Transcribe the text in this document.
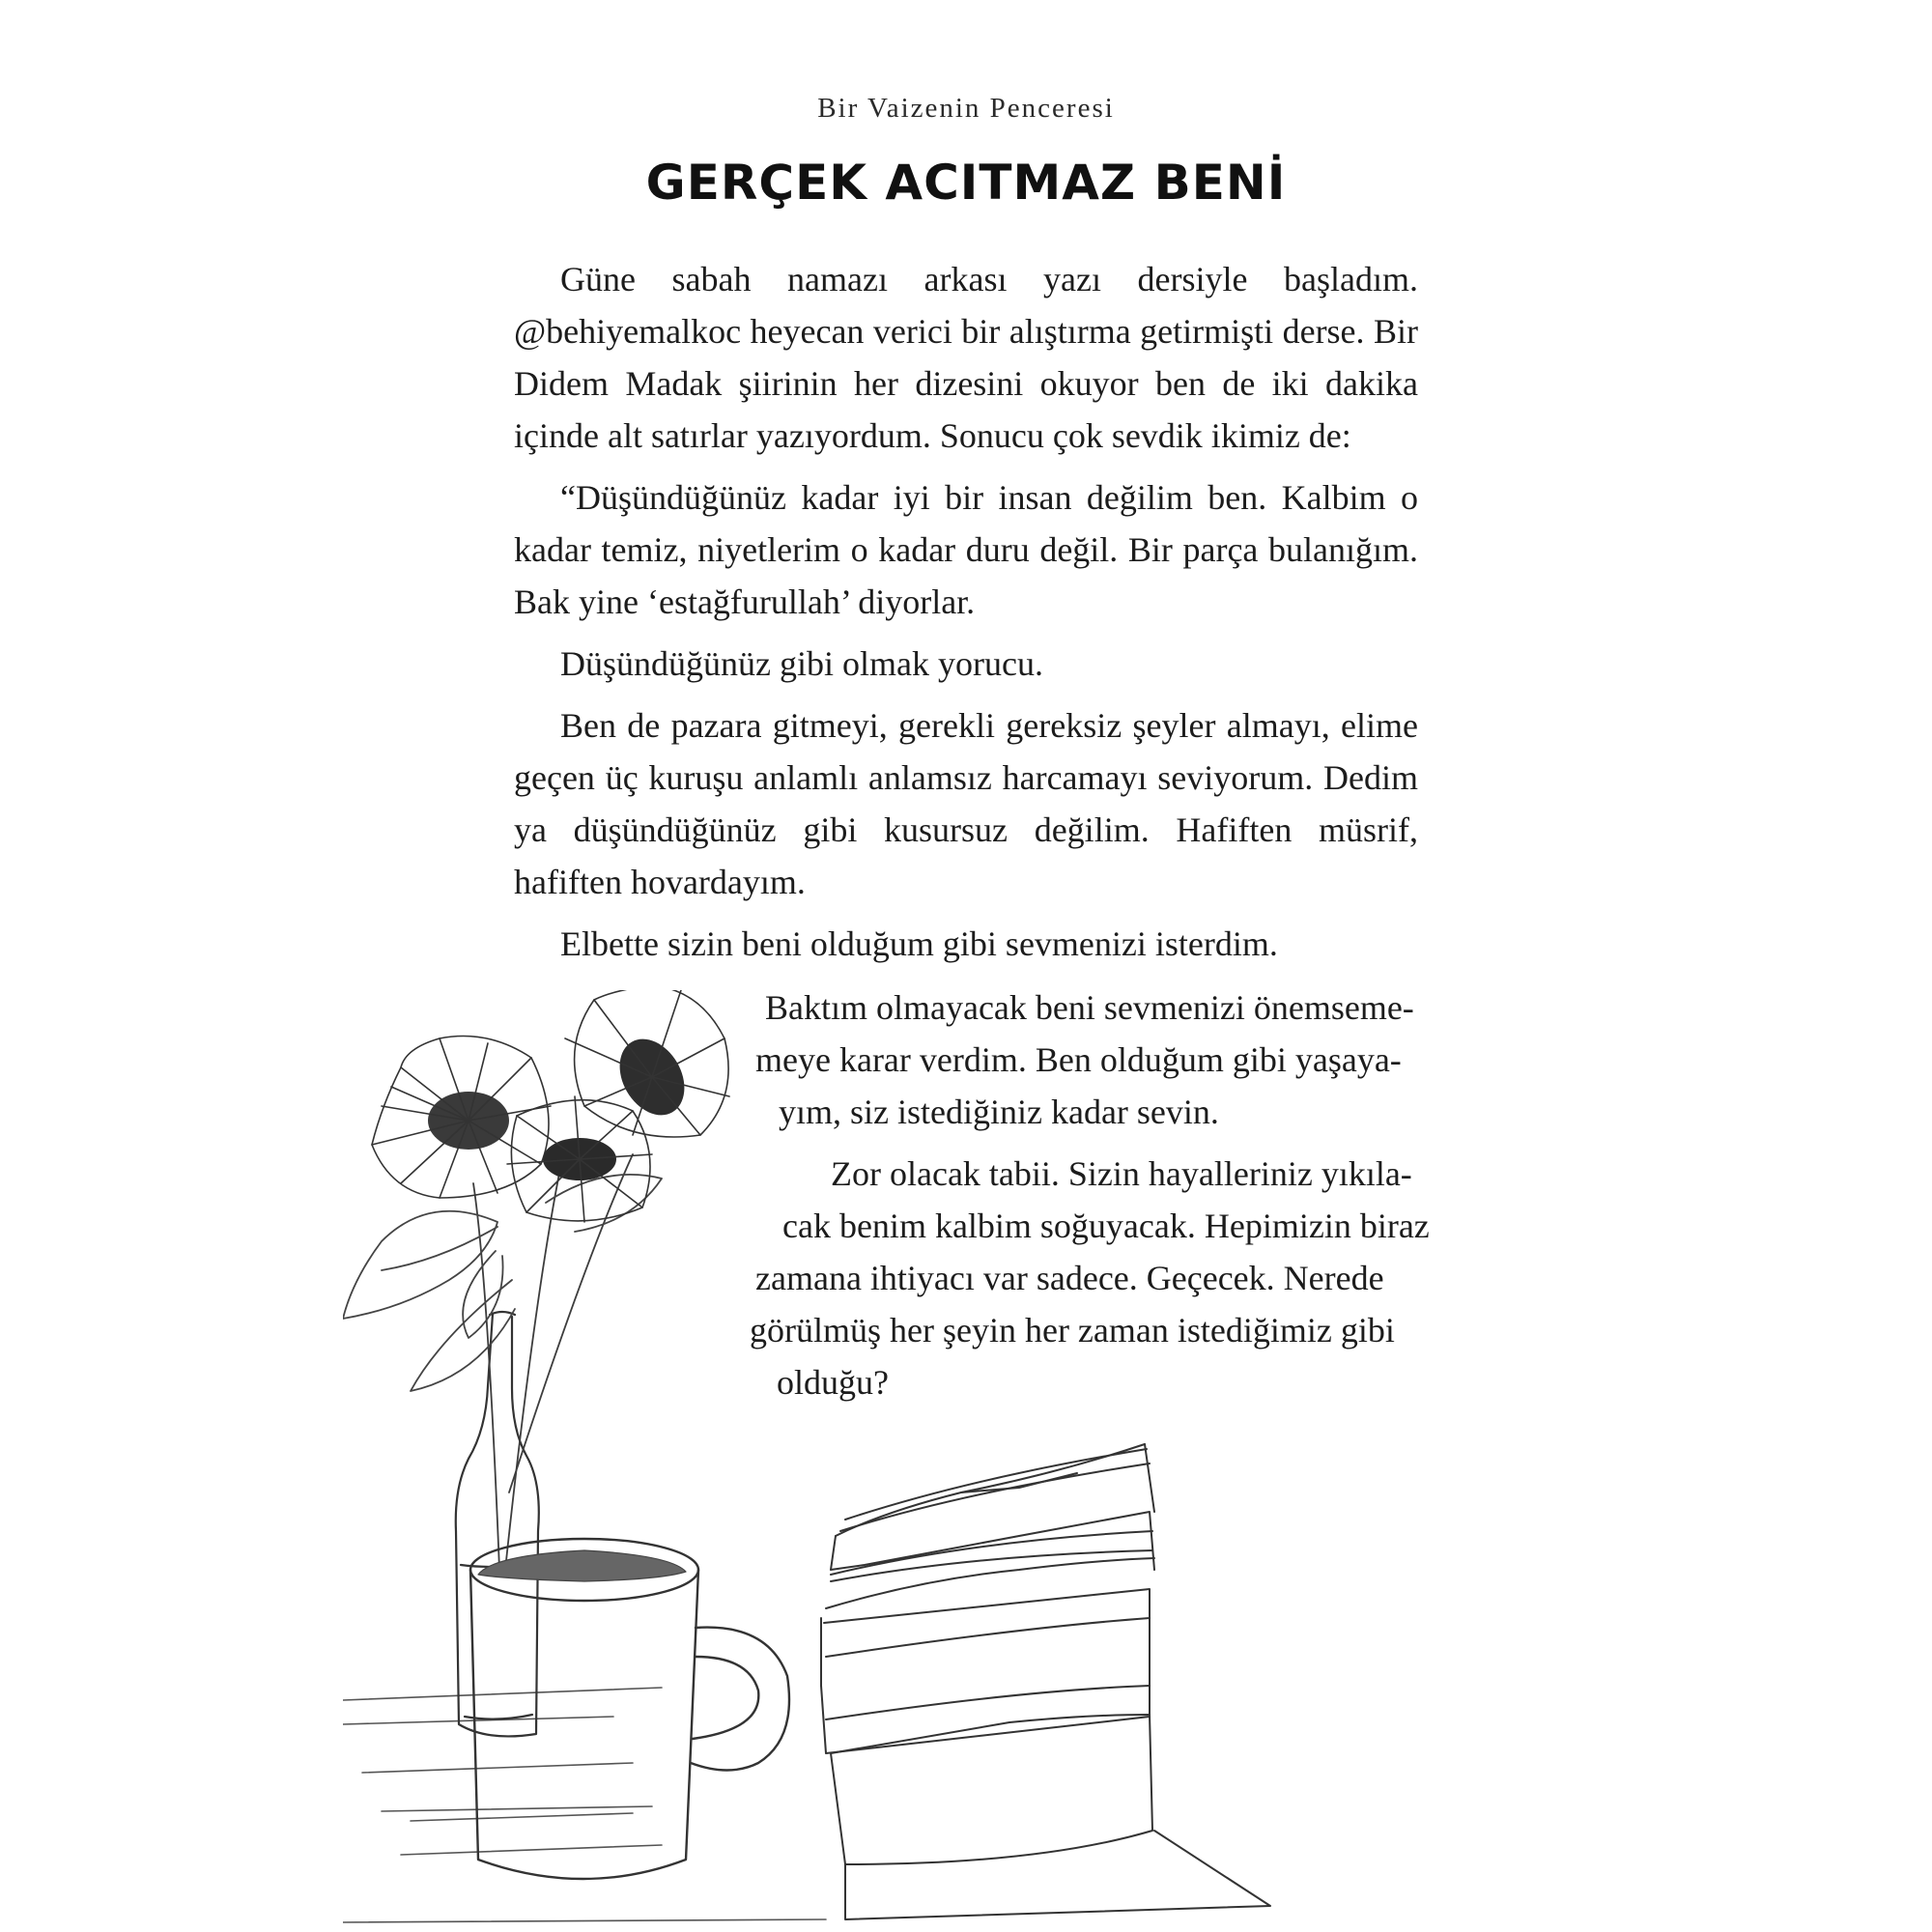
Bir Vaizenin Penceresi
GERÇEK ACITMAZ BENİ

Güne sabah namazı arkası yazı dersiyle başladım. @behiyemalkoc heyecan verici bir alıştırma getirmişti derse. Bir Didem Madak şiirinin her dizesini okuyor ben de iki dakika içinde alt satırlar yazıyordum. Sonucu çok sevdik ikimiz de:

“Düşündüğünüz kadar iyi bir insan değilim ben. Kalbim o kadar temiz, niyetlerim o kadar duru değil. Bir parça bulanığım. Bak yine ‘estağfurullah’ diyorlar.

Düşündüğünüz gibi olmak yorucu.

Ben de pazara gitmeyi, gerekli gereksiz şeyler almayı, elime geçen üç kuruşu anlamlı anlamsız harcamayı seviyorum. Dedim ya düşündüğünüz gibi kusursuz değilim. Hafiften müsrif, hafiften hovardayım.

Elbette sizin beni olduğum gibi sevmenizi isterdim.

Baktım olmayacak beni sevmenizi önemseme-
meye karar verdim. Ben olduğum gibi yaşaya-
yım, siz istediğiniz kadar sevin.
Zor olacak tabii. Sizin hayalleriniz yıkıla-
cak benim kalbim soğuyacak. Hepimizin biraz
zamana ihtiyacı var sadece. Geçecek. Nerede
görülmüş her şeyin her zaman istediğimiz gibi
olduğu?
